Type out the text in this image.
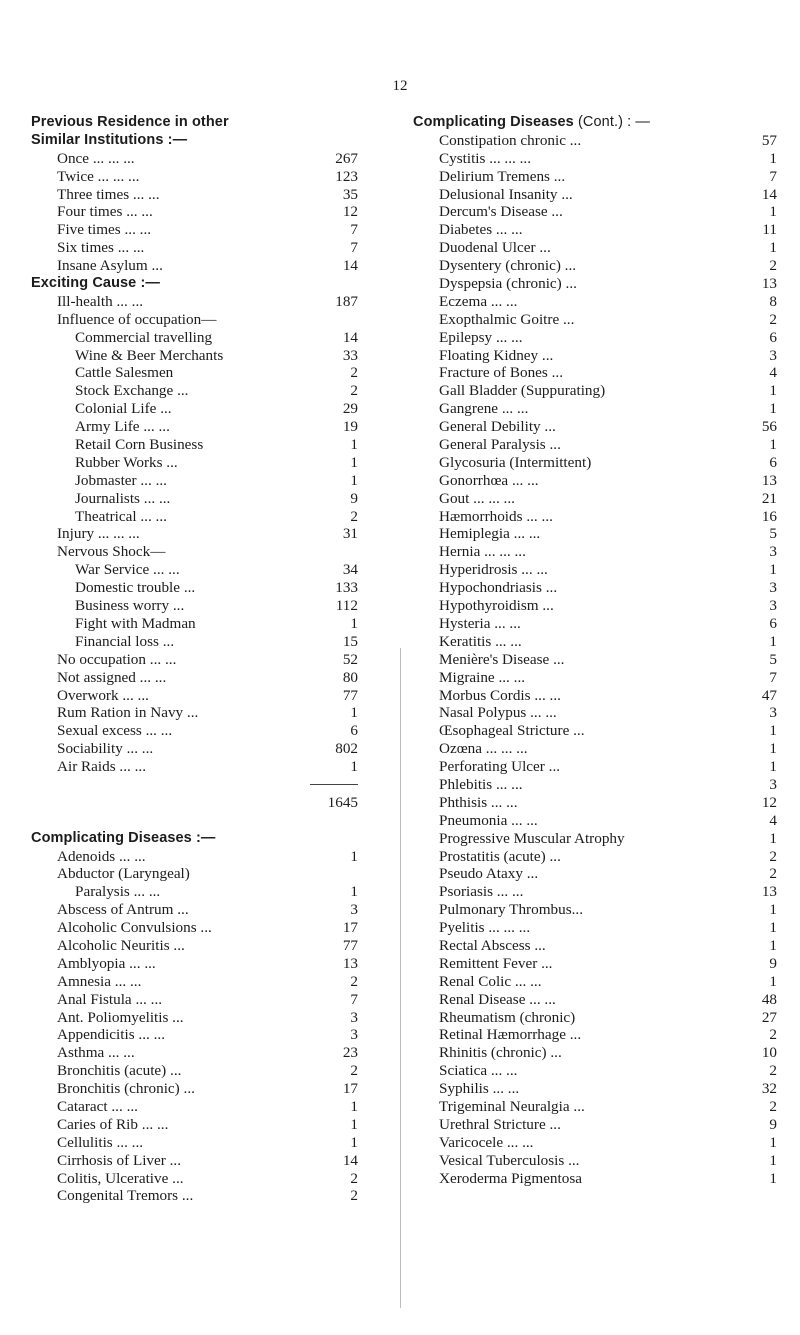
12
Previous Residence in other
Similar Institutions :—
Once ... ... ...	267
Twice ... ... ...	123
Three times ... ...	35
Four times ... ...	12
Five times ... ...	7
Six times ... ...	7
Insane Asylum ...	14
Exciting Cause :—
Ill-health ... ...	187
Influence of occupation—
Commercial travelling	14
Wine & Beer Merchants	33
Cattle Salesmen	2
Stock Exchange ...	2
Colonial Life ...	29
Army Life ... ...	19
Retail Corn Business	1
Rubber Works ...	1
Jobmaster ... ...	1
Journalists ... ...	9
Theatrical ... ...	2
Injury ... ... ...	31
Nervous Shock—
War Service ... ...	34
Domestic trouble ...	133
Business worry ...	112
Fight with Madman	1
Financial loss ...	15
No occupation ... ...	52
Not assigned ... ...	80
Overwork ... ...	77
Rum Ration in Navy ...	1
Sexual excess ... ...	6
Sociability ... ...	802
Air Raids ... ...	1
1645
Complicating Diseases :—
Adenoids ... ...	1
Abductor (Laryngeal)
Paralysis ... ...	1
Abscess of Antrum ...	3
Alcoholic Convulsions ...	17
Alcoholic Neuritis ...	77
Amblyopia ... ...	13
Amnesia ... ...	2
Anal Fistula ... ...	7
Ant. Poliomyelitis ...	3
Appendicitis ... ...	3
Asthma ... ...	23
Bronchitis (acute) ...	2
Bronchitis (chronic) ...	17
Cataract ... ...	1
Caries of Rib ... ...	1
Cellulitis ... ...	1
Cirrhosis of Liver ...	14
Colitis, Ulcerative ...	2
Congenital Tremors ...	2
Complicating Diseases (Cont.) : —
Constipation chronic ...	57
Cystitis ... ... ...	1
Delirium Tremens ...	7
Delusional Insanity ...	14
Dercum's Disease ...	1
Diabetes ... ...	11
Duodenal Ulcer ...	1
Dysentery (chronic) ...	2
Dyspepsia (chronic) ...	13
Eczema ... ...	8
Exopthalmic Goitre ...	2
Epilepsy ... ...	6
Floating Kidney ...	3
Fracture of Bones ...	4
Gall Bladder (Suppurating)	1
Gangrene ... ...	1
General Debility ...	56
General Paralysis ...	1
Glycosuria (Intermittent)	6
Gonorrhœa ... ...	13
Gout ... ... ...	21
Hæmorrhoids ... ...	16
Hemiplegia ... ...	5
Hernia ... ... ...	3
Hyperidrosis ... ...	1
Hypochondriasis ...	3
Hypothyroidism ...	3
Hysteria ... ...	6
Keratitis ... ...	1
Menière's Disease ...	5
Migraine ... ...	7
Morbus Cordis ... ...	47
Nasal Polypus ... ...	3
Œsophageal Stricture ...	1
Ozœna ... ... ...	1
Perforating Ulcer ...	1
Phlebitis ... ...	3
Phthisis ... ...	12
Pneumonia ... ...	4
Progressive Muscular Atrophy	1
Prostatitis (acute) ...	2
Pseudo Ataxy ...	2
Psoriasis ... ...	13
Pulmonary Thrombus...	1
Pyelitis ... ... ...	1
Rectal Abscess ...	1
Remittent Fever ...	9
Renal Colic ... ...	1
Renal Disease ... ...	48
Rheumatism (chronic)	27
Retinal Hæmorrhage ...	2
Rhinitis (chronic) ...	10
Sciatica ... ...	2
Syphilis ... ...	32
Trigeminal Neuralgia ...	2
Urethral Stricture ...	9
Varicocele ... ...	1
Vesical Tuberculosis ...	1
Xeroderma Pigmentosa	1
